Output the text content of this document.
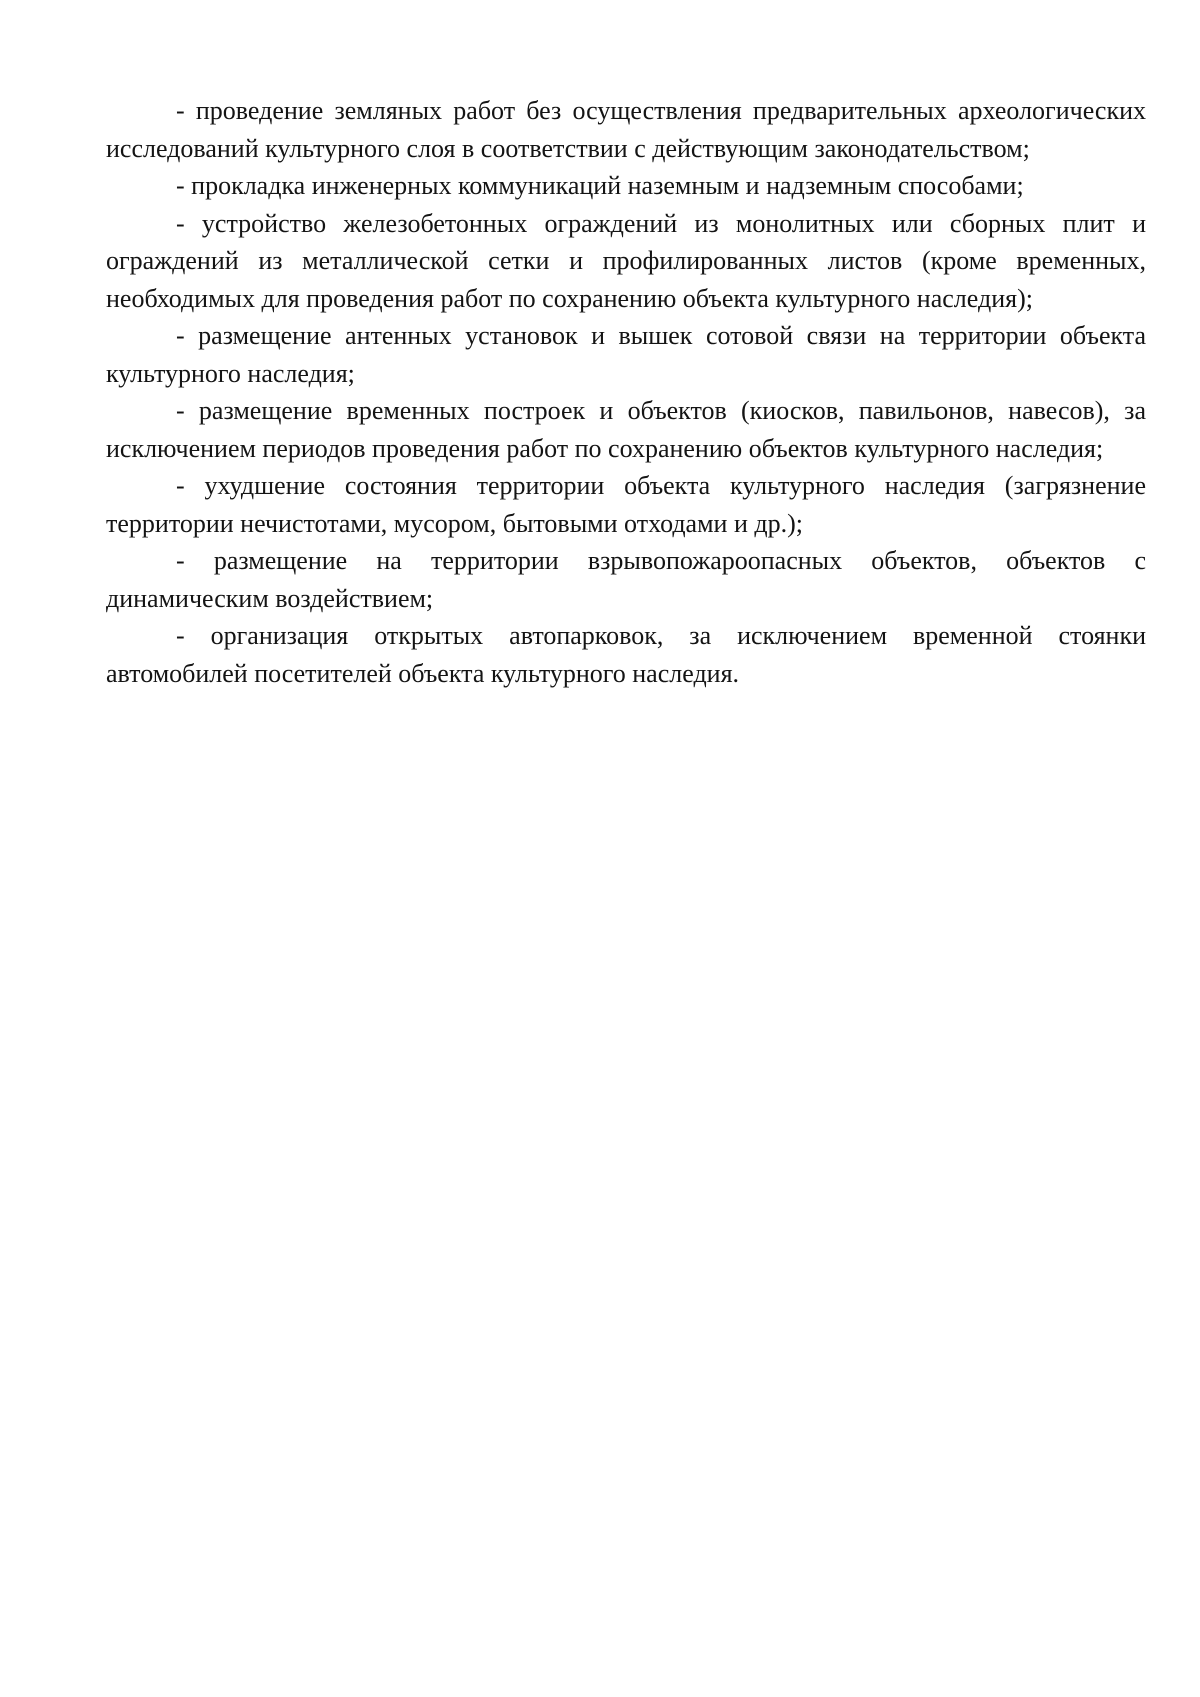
- проведение земляных работ без осуществления предварительных археологических исследований культурного слоя в соответствии с действующим законодательством;

- прокладка инженерных коммуникаций наземным и надземным способами;

- устройство железобетонных ограждений из монолитных или сборных плит и ограждений из металлической сетки и профилированных листов (кроме временных, необходимых для проведения работ по сохранению объекта культурного наследия);

- размещение антенных установок и вышек сотовой связи на территории объекта культурного наследия;

- размещение временных построек и объектов (киосков, павильонов, навесов), за исключением периодов проведения работ по сохранению объектов культурного наследия;

- ухудшение состояния территории объекта культурного наследия (загрязнение территории нечистотами, мусором, бытовыми отходами и др.);

- размещение на территории взрывопожароопасных объектов, объектов с динамическим воздействием;

- организация открытых автопарковок, за исключением временной стоянки автомобилей посетителей объекта культурного наследия.
